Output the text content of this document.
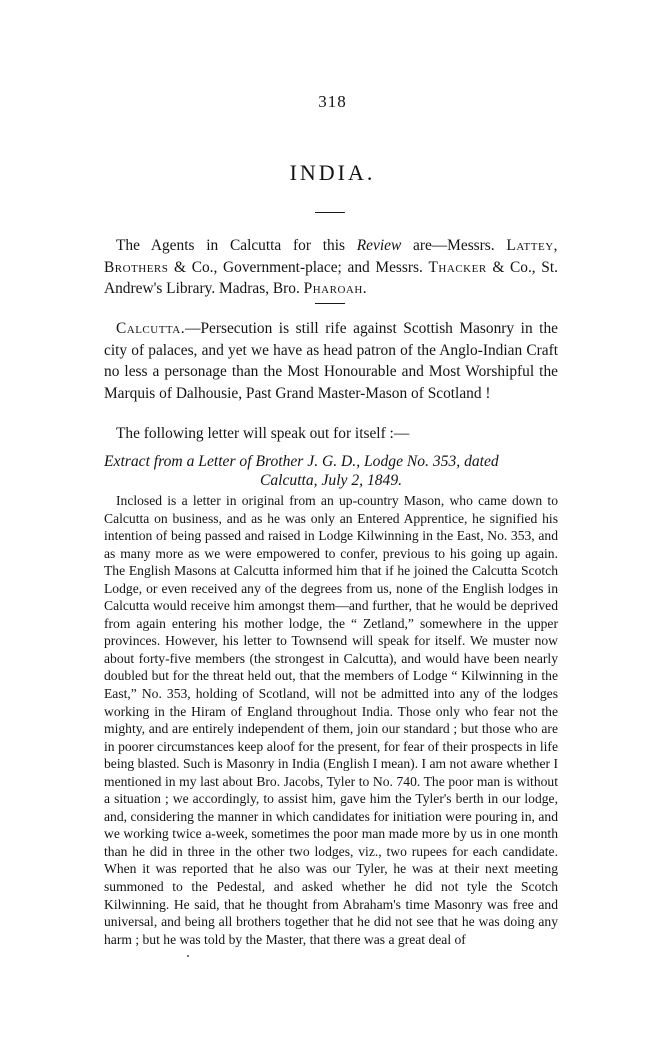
318
INDIA.

The Agents in Calcutta for this Review are—Messrs. Lattey, Brothers & Co., Government-place; and Messrs. Thacker & Co., St. Andrew's Library. Madras, Bro. Pharoah.

Calcutta.—Persecution is still rife against Scottish Masonry in the city of palaces, and yet we have as head patron of the Anglo-Indian Craft no less a personage than the Most Honourable and Most Worshipful the Marquis of Dalhousie, Past Grand Master-Mason of Scotland !

The following letter will speak out for itself :—

Extract from a Letter of Brother J. G. D., Lodge No. 353, dated
Calcutta, July 2, 1849.

Inclosed is a letter in original from an up-country Mason, who came down to Calcutta on business, and as he was only an Entered Apprentice, he signified his intention of being passed and raised in Lodge Kilwinning in the East, No. 353, and as many more as we were empowered to confer, previous to his going up again. The English Masons at Calcutta informed him that if he joined the Calcutta Scotch Lodge, or even received any of the degrees from us, none of the English lodges in Calcutta would receive him amongst them—and further, that he would be deprived from again entering his mother lodge, the “ Zetland,” somewhere in the upper provinces. However, his letter to Townsend will speak for itself. We muster now about forty-five members (the strongest in Calcutta), and would have been nearly doubled but for the threat held out, that the members of Lodge “ Kilwinning in the East,” No. 353, holding of Scotland, will not be admitted into any of the lodges working in the Hiram of England throughout India. Those only who fear not the mighty, and are entirely independent of them, join our standard ; but those who are in poorer circumstances keep aloof for the present, for fear of their prospects in life being blasted. Such is Masonry in India (English I mean). I am not aware whether I mentioned in my last about Bro. Jacobs, Tyler to No. 740. The poor man is without a situation ; we accordingly, to assist him, gave him the Tyler's berth in our lodge, and, considering the manner in which candidates for initiation were pouring in, and we working twice a-week, sometimes the poor man made more by us in one month than he did in three in the other two lodges, viz., two rupees for each candidate. When it was reported that he also was our Tyler, he was at their next meeting summoned to the Pedestal, and asked whether he did not tyle the Scotch Kilwinning. He said, that he thought from Abraham's time Masonry was free and universal, and being all brothers together that he did not see that he was doing any harm ; but he was told by the Master, that there was a great deal of
